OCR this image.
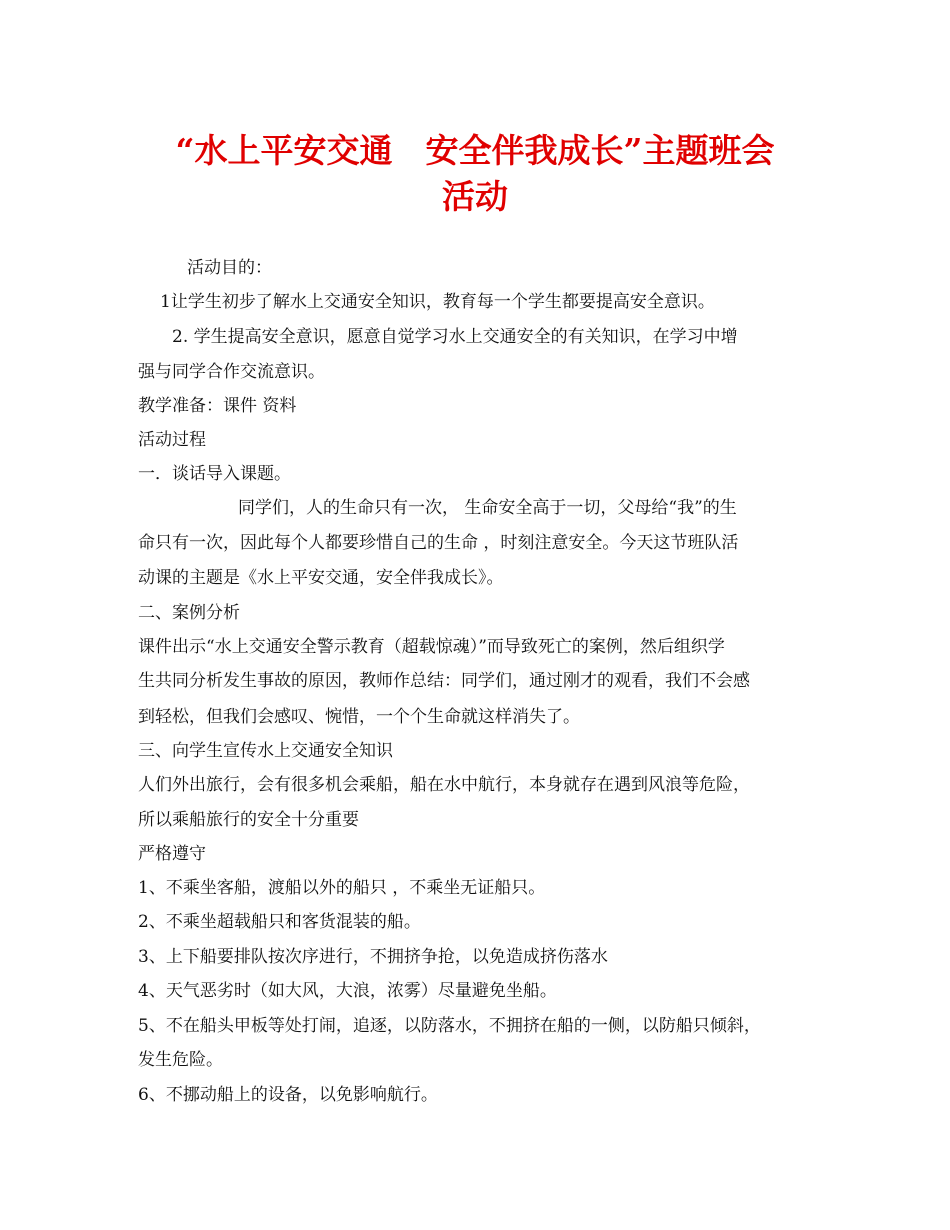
“水上平安交通　安全伴我成长”主题班会
活动

活动目的：

1让学生初步了解水上交通安全知识，教育每一个学生都要提高安全意识。

2. 学生提高安全意识，愿意自觉学习水上交通安全的有关知识，在学习中增

强与同学合作交流意识。

教学准备：课件 资料

活动过程

一．谈话导入课题。

同学们，人的生命只有一次， 生命安全高于一切，父母给“我”的生

命只有一次，因此每个人都要珍惜自己的生命 ，时刻注意安全。今天这节班队活

动课的主题是《水上平安交通，安全伴我成长》。

二、案例分析

课件出示“水上交通安全警示教育（超载惊魂）”而导致死亡的案例，然后组织学

生共同分析发生事故的原因，教师作总结：同学们，通过刚才的观看，我们不会感

到轻松，但我们会感叹、惋惜，一个个生命就这样消失了。

三、向学生宣传水上交通安全知识

人们外出旅行，会有很多机会乘船，船在水中航行，本身就存在遇到风浪等危险，

所以乘船旅行的安全十分重要

严格遵守

1、不乘坐客船，渡船以外的船只 ，不乘坐无证船只。

2、不乘坐超载船只和客货混装的船。

3、上下船要排队按次序进行，不拥挤争抢，以免造成挤伤落水

4、天气恶劣时（如大风，大浪，浓雾）尽量避免坐船。

5、不在船头甲板等处打闹，追逐，以防落水，不拥挤在船的一侧，以防船只倾斜，

发生危险。

6、不挪动船上的设备，以免影响航行。
